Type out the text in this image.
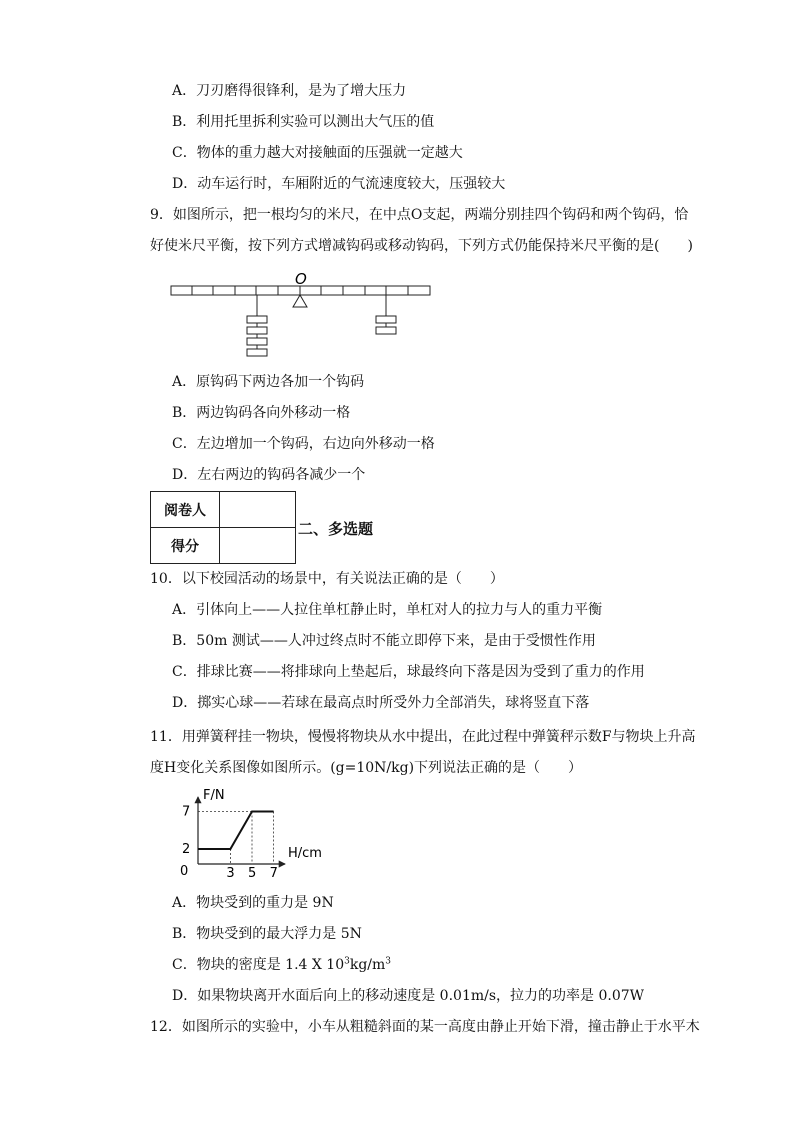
A．刀刃磨得很锋利，是为了增大压力
B．利用托里拆利实验可以测出大气压的值
C．物体的重力越大对接触面的压强就一定越大
D．动车运行时，车厢附近的气流速度较大，压强较大
9．如图所示，把一根均匀的米尺，在中点O支起，两端分别挂四个钩码和两个钩码，恰
好使米尺平衡，按下列方式增减钩码或移动钩码，下列方式仍能保持米尺平衡的是(　　)
O
A．原钩码下两边各加一个钩码
B．两边钩码各向外移动一格
C．左边增加一个钩码，右边向外移动一格
D．左右两边的钩码各减少一个
阅卷人	
得分	
二、多选题
10．以下校园活动的场景中，有关说法正确的是（　　）
A．引体向上——人拉住单杠静止时，单杠对人的拉力与人的重力平衡
B．50m 测试——人冲过终点时不能立即停下来，是由于受惯性作用
C．排球比赛——将排球向上垫起后，球最终向下落是因为受到了重力的作用
D．掷实心球——若球在最高点时所受外力全部消失，球将竖直下落
11．用弹簧秤挂一物块，慢慢将物块从水中提出，在此过程中弹簧秤示数F与物块上升高
度H变化关系图像如图所示。(g=10N/kg)下列说法正确的是（　　）
F/N
H/cm
0
7
2
3 5 7
A．物块受到的重力是 9N
B．物块受到的最大浮力是 5N
C．物块的密度是 1.4 X $10^3kg/m^3$
D．如果物块离开水面后向上的移动速度是 0.01m/s，拉力的功率是 0.07W
12．如图所示的实验中，小车从粗糙斜面的某一高度由静止开始下滑，撞击静止于水平木
